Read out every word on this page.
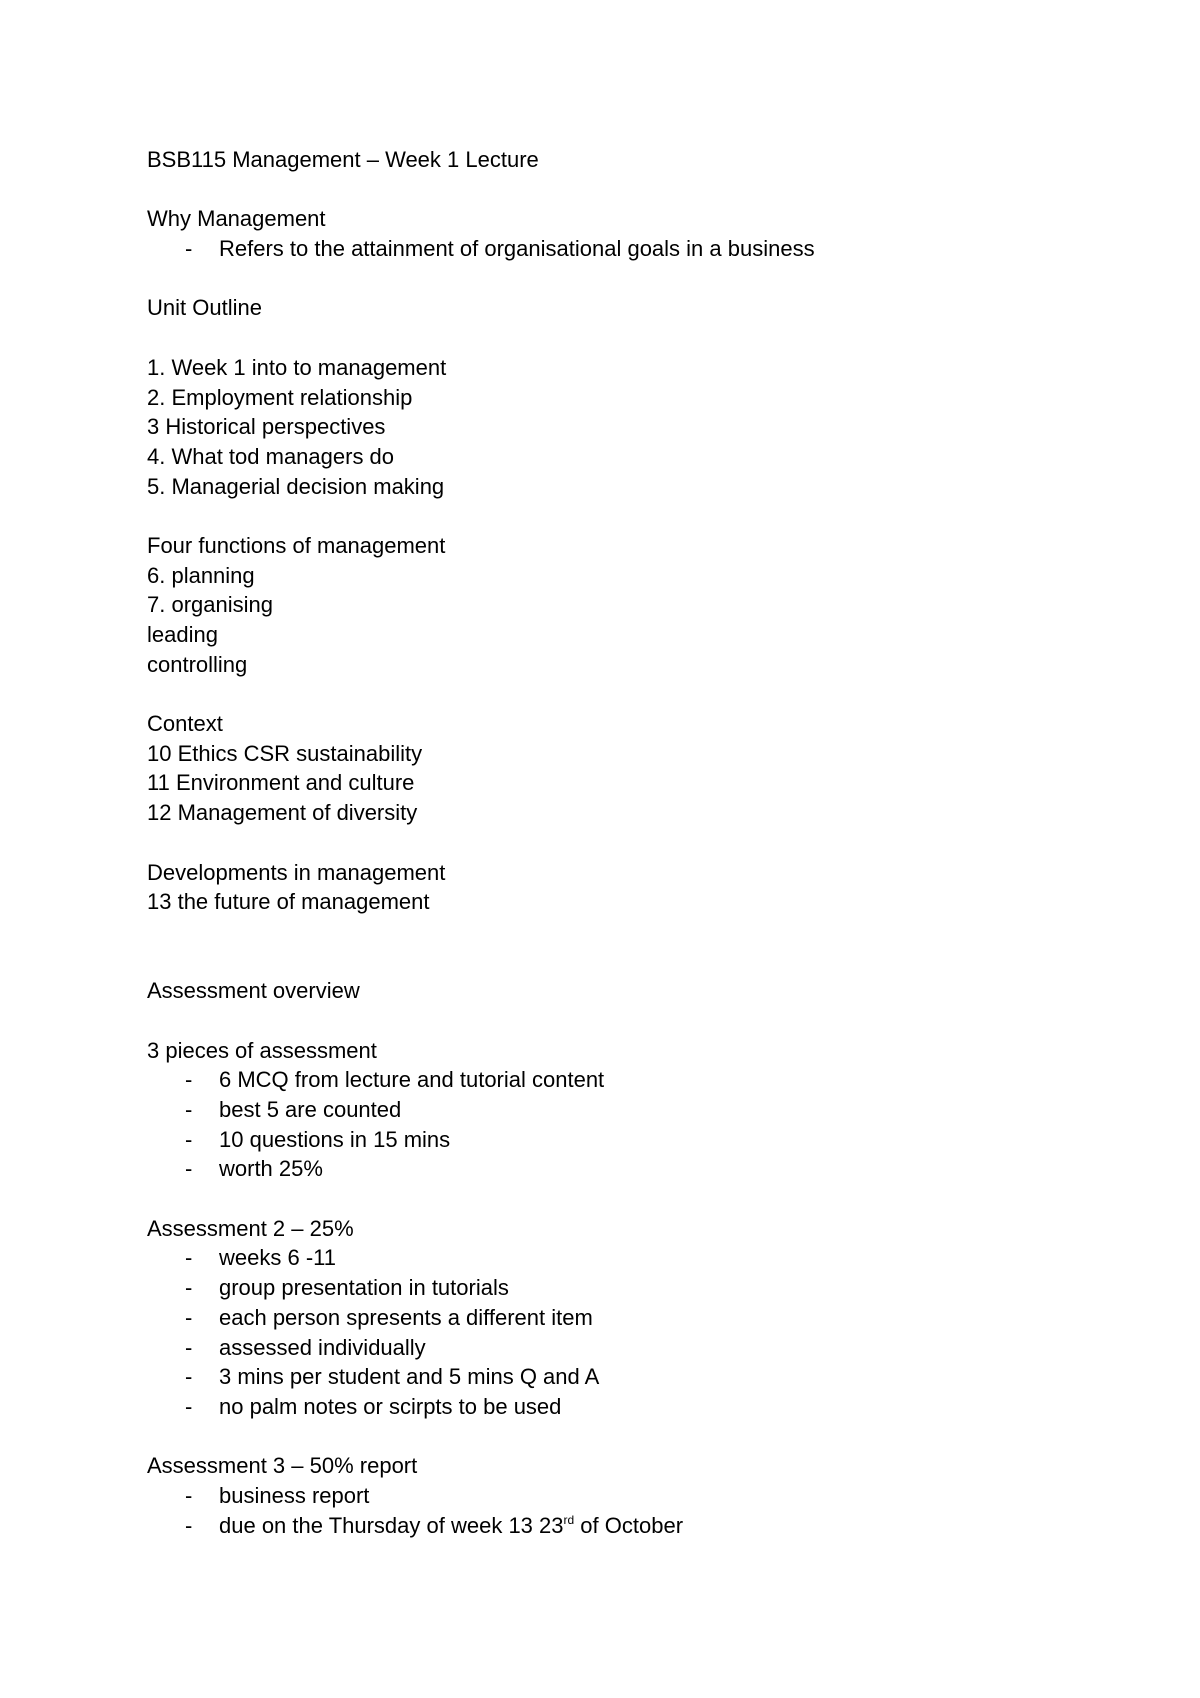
BSB115 Management – Week 1 Lecture
Why Management
- Refers to the attainment of organisational goals in a business
Unit Outline
1. Week 1 into to management
2. Employment relationship
3 Historical perspectives
4. What tod managers do
5. Managerial decision making
Four functions of management
6. planning
7. organising
leading
controlling
Context
10 Ethics CSR sustainability
11 Environment and culture
12 Management of diversity
Developments in management
13 the future of management
Assessment overview
3 pieces of assessment
- 6 MCQ from lecture and tutorial content
- best 5 are counted
- 10 questions in 15 mins
- worth 25%
Assessment 2 – 25%
- weeks 6 -11
- group presentation in tutorials
- each person spresents a different item
- assessed individually
- 3 mins per student and 5 mins Q and A
- no palm notes or scirpts to be used
Assessment 3 – 50% report
- business report
- due on the Thursday of week 13 23rd of October
